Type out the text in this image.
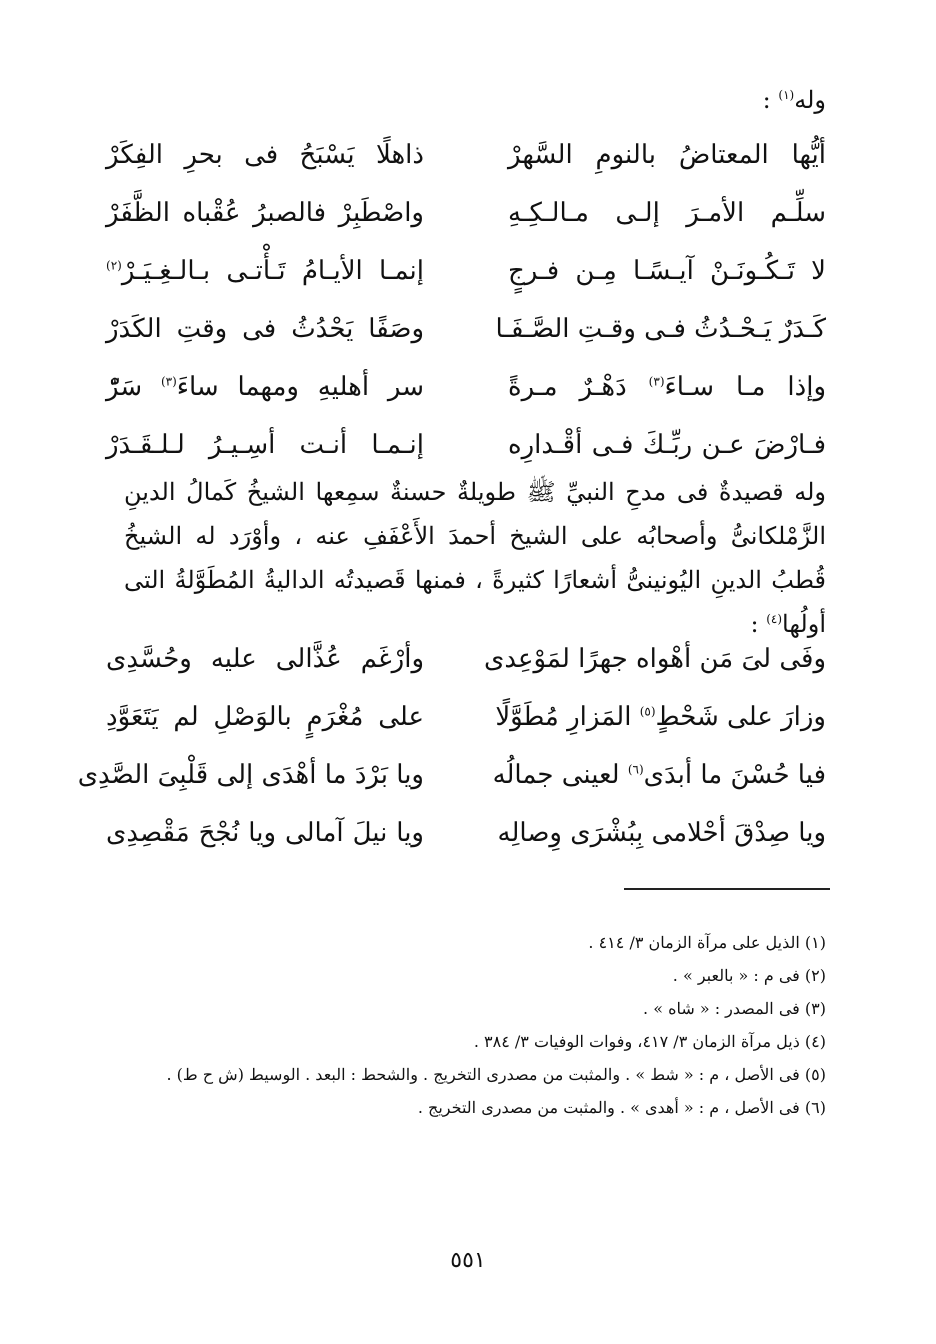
وله$^{(١)}$ :
أيُّها المعتاضُ بالنومِ السَّهرْ
ذاهلًا يَسْبَحُ فى بحرِ الفِكَرْ
سلِّـم الأمـرَ إلـى مـالـكِـهِ
واصْطَبِرْ فالصبرُ عُقْباه الظَّفَرْ
لا تَـكُـونَـنْ آيـسًـا مِـن فـرجٍ
إنمـا الأيـامُ تَـأْتـى بـالـغِـيَـرْ$^{(٢)}$
كَـدَرٌ يَـحْـدُثُ فـى وقـتِ الصَّـفَـا
وصَفًا يَحْدُثُ فى وقتِ الكَدَرْ
وإذا مـا سـاءَ$^{(٣)}$ دَهْـرٌ مـرةً
سر أهليهِ ومهما ساءَ$^{(٣)}$ سَرّْ
فـارْضَ عـن ربِّـكَ فـى أقْـدارِه
إنـمـا أنـت أسِـيـرُ لـلـقَـدَرْ
وله قصيدةٌ فى مدحِ النبيِّ ﷺ طويلةٌ حسنةٌ سمِعها الشيخُ كَمالُ الدينِ الزَّمْلكانىُّ وأصحابُه على الشيخ أحمدَ الأَعْفَفِ عنه ، وأوْرَد له الشيخُ قُطبُ الدينِ اليُونينىُّ أشعارًا كثيرةً ، فمنها قَصيدتُه الداليةُ المُطَوَّلةُ التى أولُها$^{(٤)}$ :
وفَى لىَ مَن أهْواه جهرًا لمَوْعِدى
وأرْغَم عُذَّالى عليه وحُسَّدِى
وزارَ على شَحْطٍ$^{(٥)}$ المَزارِ مُطَوَّلًا
على مُغْرَمٍ بالوَصْلِ لم يَتَعَوَّدِ
فيا حُسْنَ ما أبدَى$^{(٦)}$ لعينى جمالُه
ويا بَرْدَ ما أهْدَى إلى قَلْبِىَ الصَّدِى
ويا صِدْقَ أحْلامى بِبُشْرَى وِصالِه
ويا نيلَ آمالى ويا نُجْحَ مَقْصِدِى
(١) الذيل على مرآة الزمان ٣/ ٤١٤ .
(٢) فى م : « بالعبر » .
(٣) فى المصدر : « شاه » .
(٤) ذيل مرآة الزمان ٣/ ٤١٧، وفوات الوفيات ٣/ ٣٨٤ .
(٥) فى الأصل ، م : « شط » . والمثبت من مصدرى التخريج . والشحط : البعد . الوسيط (ش ح ط) .
(٦) فى الأصل ، م : « أهدى » . والمثبت من مصدرى التخريج .
٥٥١
